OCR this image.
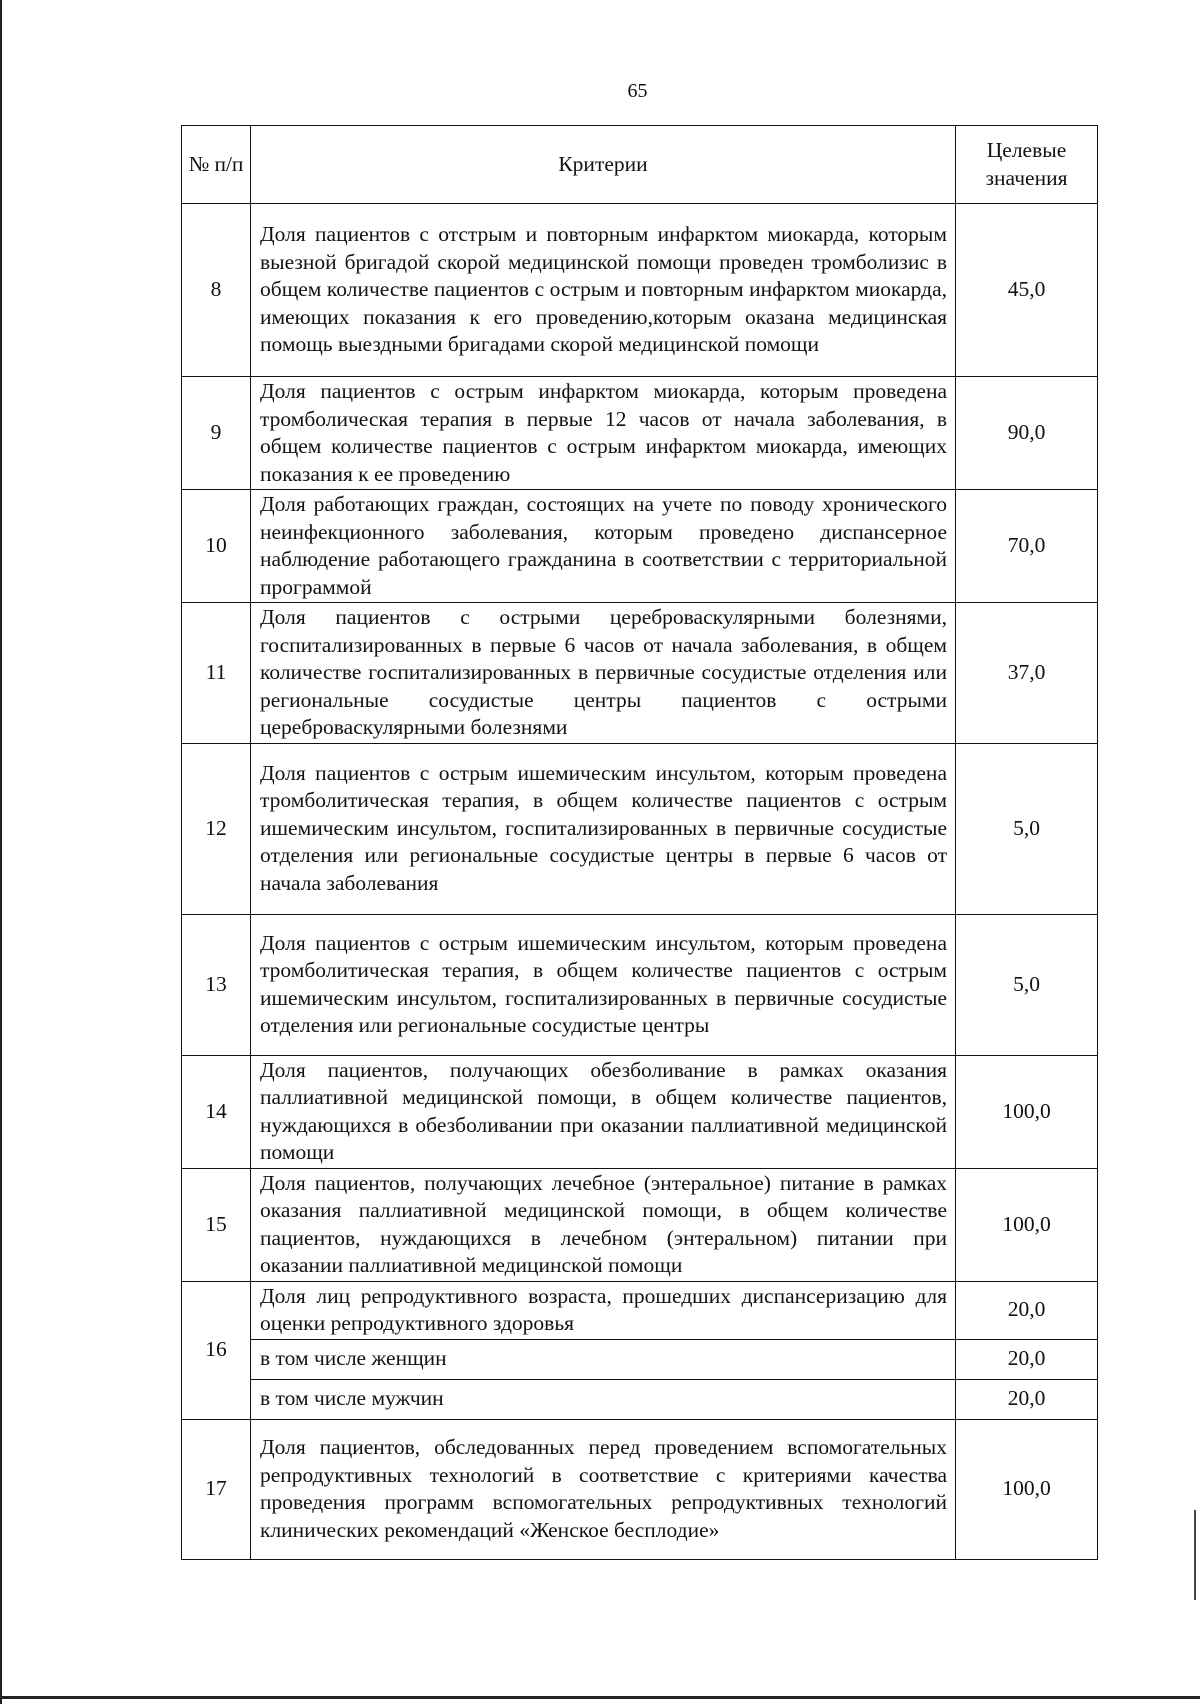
65
№ п/п	Критерии	Целевые значения
8	Доля пациентов с отстрым и повторным инфарктом миокарда, которым выезной бригадой скорой медицинской помощи проведен тромболизис в общем количестве пациентов с острым и повторным инфарктом миокарда, имеющих показания к его проведению,которым оказана медицинская помощь выездными бригадами скорой медицинской помощи	45,0
9	Доля пациентов с острым инфарктом миокарда, которым проведена тромболическая терапия в первые 12 часов от начала заболевания, в общем количестве пациентов с острым инфарктом миокарда, имеющих показания к ее проведению	90,0
10	Доля работающих граждан, состоящих на учете по поводу хронического неинфекционного заболевания, которым проведено диспансерное наблюдение работающего гражданина в соответствии с территориальной программой	70,0
11	Доля пациентов с острыми цереброваскулярными болезнями, госпитализированных в первые 6 часов от начала заболевания, в общем количестве госпитализированных в первичные сосудистые отделения или региональные сосудистые центры пациентов с острыми цереброваскулярными болезнями	37,0
12	Доля пациентов с острым ишемическим инсультом, которым проведена тромболитическая терапия, в общем количестве пациентов с острым ишемическим инсультом, госпитализированных в первичные сосудистые отделения или региональные сосудистые центры в первые 6 часов от начала заболевания	5,0
13	Доля пациентов с острым ишемическим инсультом, которым проведена тромболитическая терапия, в общем количестве пациентов с острым ишемическим инсультом, госпитализированных в первичные сосудистые отделения или региональные сосудистые центры	5,0
14	Доля пациентов, получающих обезболивание в рамках оказания паллиативной медицинской помощи, в общем количестве пациентов, нуждающихся в обезболивании при оказании паллиативной медицинской помощи	100,0
15	Доля пациентов, получающих лечебное (энтеральное) питание в рамках оказания паллиативной медицинской помощи, в общем количестве пациентов, нуждающихся в лечебном (энтеральном) питании при оказании паллиативной медицинской помощи	100,0
16	Доля лиц репродуктивного возраста, прошедших диспансеризацию для оценки репродуктивного здоровья	20,0
	в том числе женщин	20,0
	в том числе мужчин	20,0
17	Доля пациентов, обследованных перед проведением вспомогательных репродуктивных технологий в соответствие с критериями качества проведения программ вспомогательных репродуктивных технологий клинических рекомендаций «Женское бесплодие»	100,0
